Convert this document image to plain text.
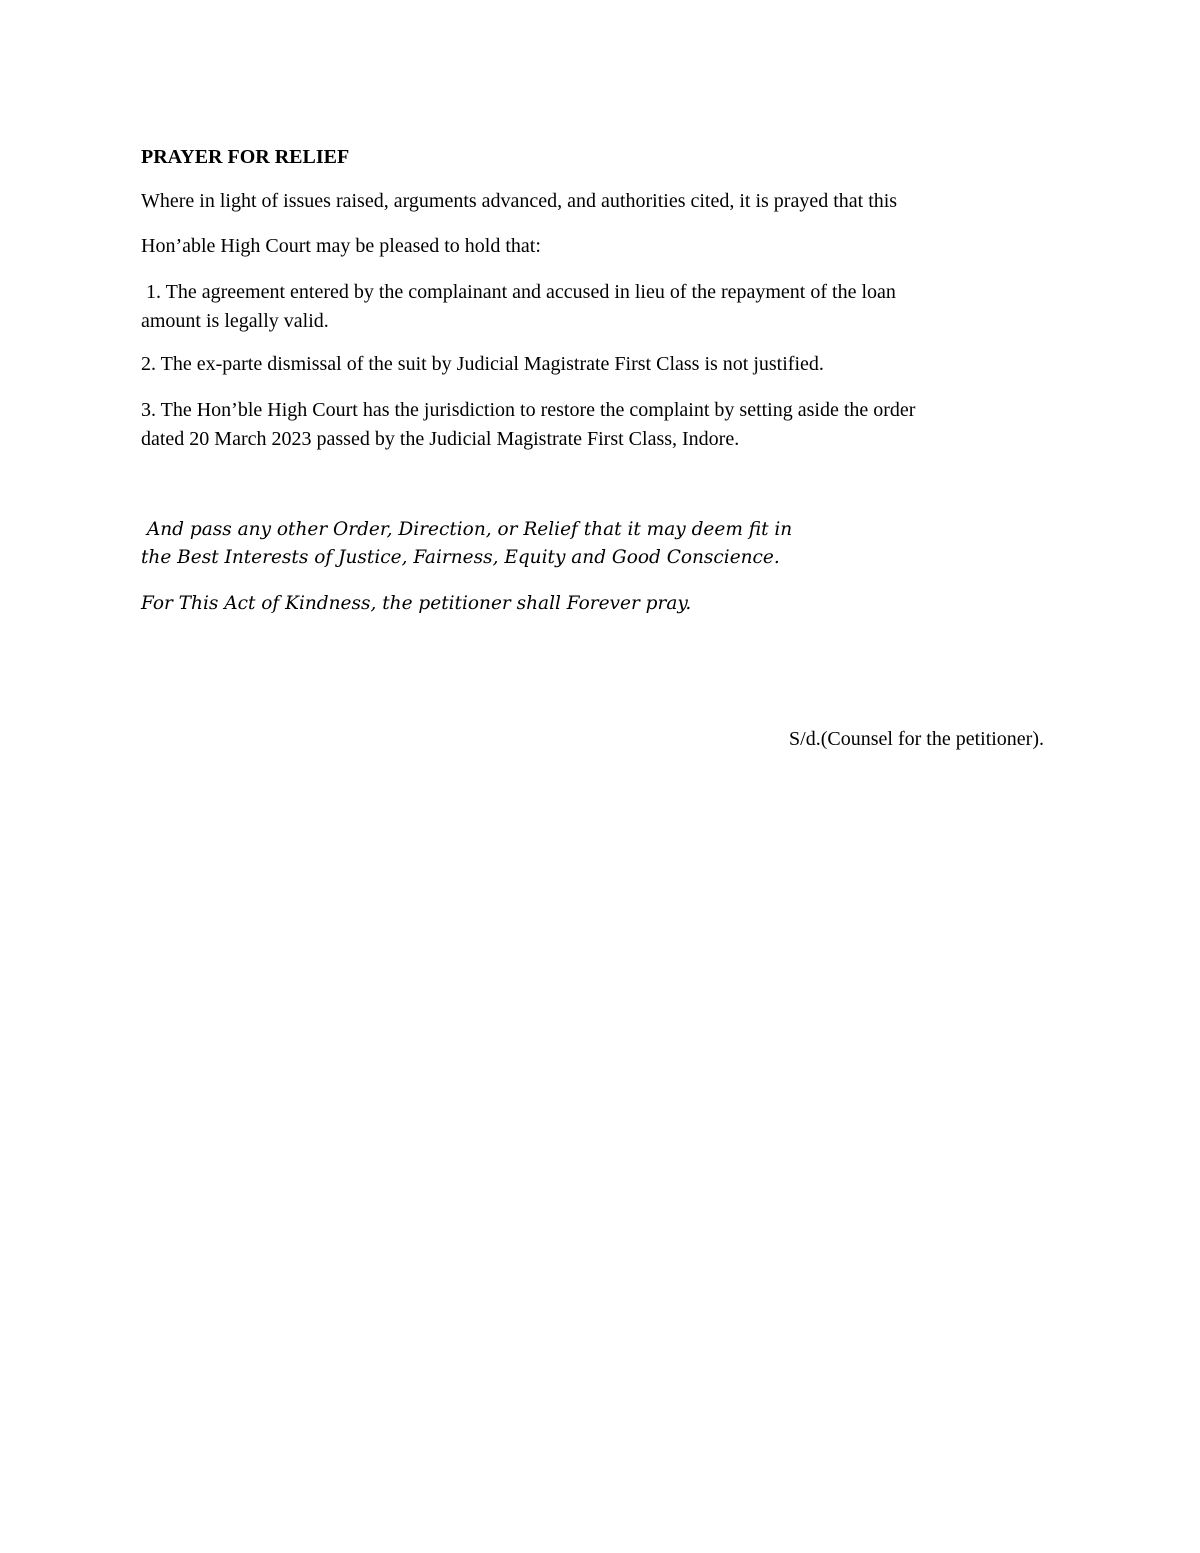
PRAYER FOR RELIEF

Where in light of issues raised, arguments advanced, and authorities cited, it is prayed that this

Hon’able High Court may be pleased to hold that:

1. The agreement entered by the complainant and accused in lieu of the repayment of the loan

amount is legally valid.

2. The ex-parte dismissal of the suit by Judicial Magistrate First Class is not justified.

3. The Hon’ble High Court has the jurisdiction to restore the complaint by setting aside the order

dated 20 March 2023 passed by the Judicial Magistrate First Class, Indore.

And pass any other Order, Direction, or Relief that it may deem fit in

the Best Interests of Justice, Fairness, Equity and Good Conscience.

For This Act of Kindness, the petitioner shall Forever pray.

S/d.(Counsel for the petitioner).
